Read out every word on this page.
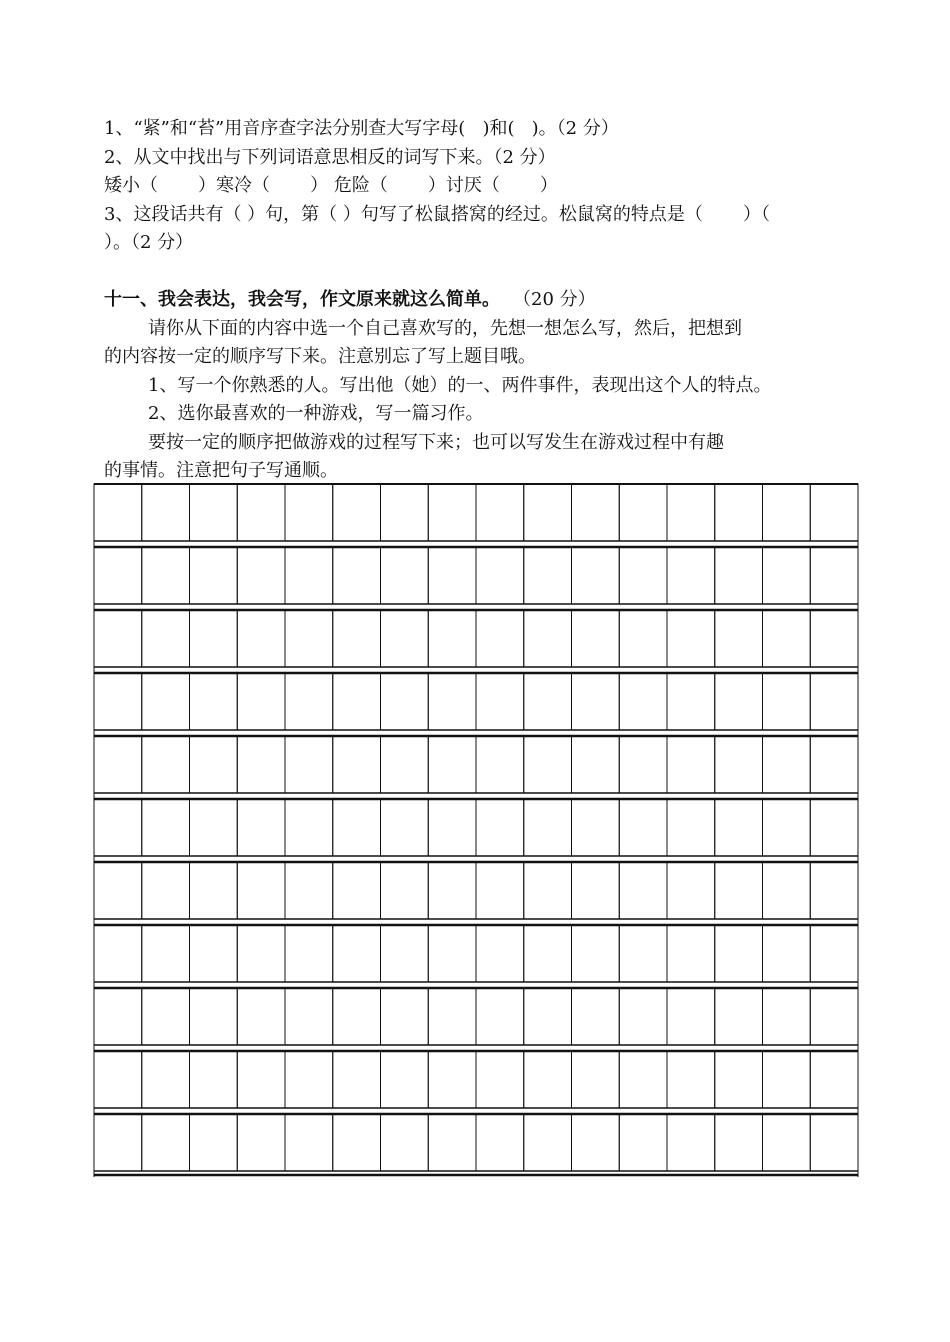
1、“紧”和“苔”用音序查字法分别查大写字母(   )和(   )。（2 分）
2、从文中找出与下列词语意思相反的词写下来。（2 分）
矮小（       ）寒冷（       ） 危险（       ）讨厌（       ）
3、这段话共有（ ）句，第（ ）句写了松鼠搭窝的经过。松鼠窝的特点是（       ）（
）。（2 分）
十一、我会表达，我会写，作文原来就这么简单。 （20 分）
请你从下面的内容中选一个自己喜欢写的，先想一想怎么写，然后，把想到
的内容按一定的顺序写下来。注意别忘了写上题目哦。
1、写一个你熟悉的人。写出他（她）的一、两件事件，表现出这个人的特点。
2、选你最喜欢的一种游戏，写一篇习作。
要按一定的顺序把做游戏的过程写下来；也可以写发生在游戏过程中有趣
的事情。注意把句子写通顺。
